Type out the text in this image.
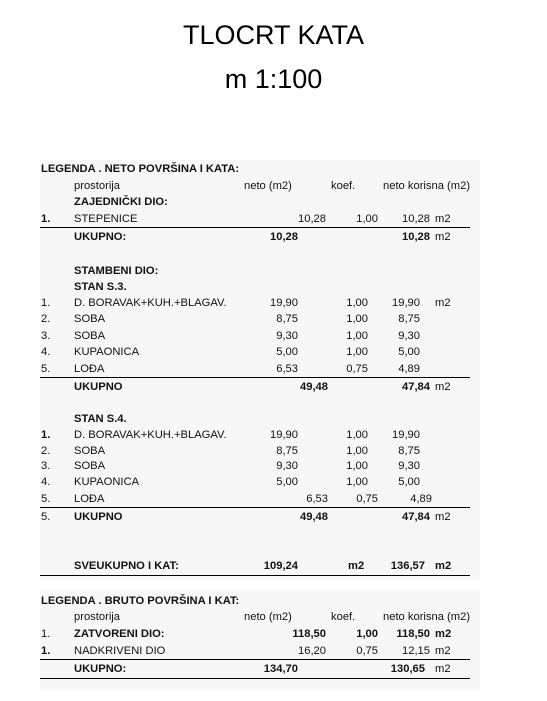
TLOCRT KATA
m 1:100
LEGENDA . NETO POVRŠINA I KATA:
prostorija	neto (m2)	koef. neto korisna (m2)
ZAJEDNIČKI DIO:
1. STEPENICE	10,28	1,00	10,28 m2
UKUPNO:	10,28	10,28 m2
STAMBENI DIO:
STAN S.3.
1. D. BORAVAK+KUH.+BLAGAV.	19,90	1,00	19,90 m2
2. SOBA	8,75	1,00	8,75
3. SOBA	9,30	1,00	9,30
4. KUPAONICA	5,00	1,00	5,00
5. LOĐA	6,53	0,75	4,89
UKUPNO	49,48	47,84 m2
STAN S.4.
1. D. BORAVAK+KUH.+BLAGAV.	19,90	1,00	19,90
2. SOBA	8,75	1,00	8,75
3. SOBA	9,30	1,00	9,30
4. KUPAONICA	5,00	1,00	5,00
5. LOĐA	6,53	0,75	4,89
5. UKUPNO	49,48	47,84 m2
SVEUKUPNO I KAT:	109,24	m2	136,57 m2
LEGENDA . BRUTO POVRŠINA I KAT:
prostorija	neto (m2)	koef. neto korisna (m2)
1. ZATVORENI DIO:	118,50	1,00	118,50 m2
1. NADKRIVENI DIO	16,20	0,75	12,15 m2
UKUPNO:	134,70	130,65 m2
